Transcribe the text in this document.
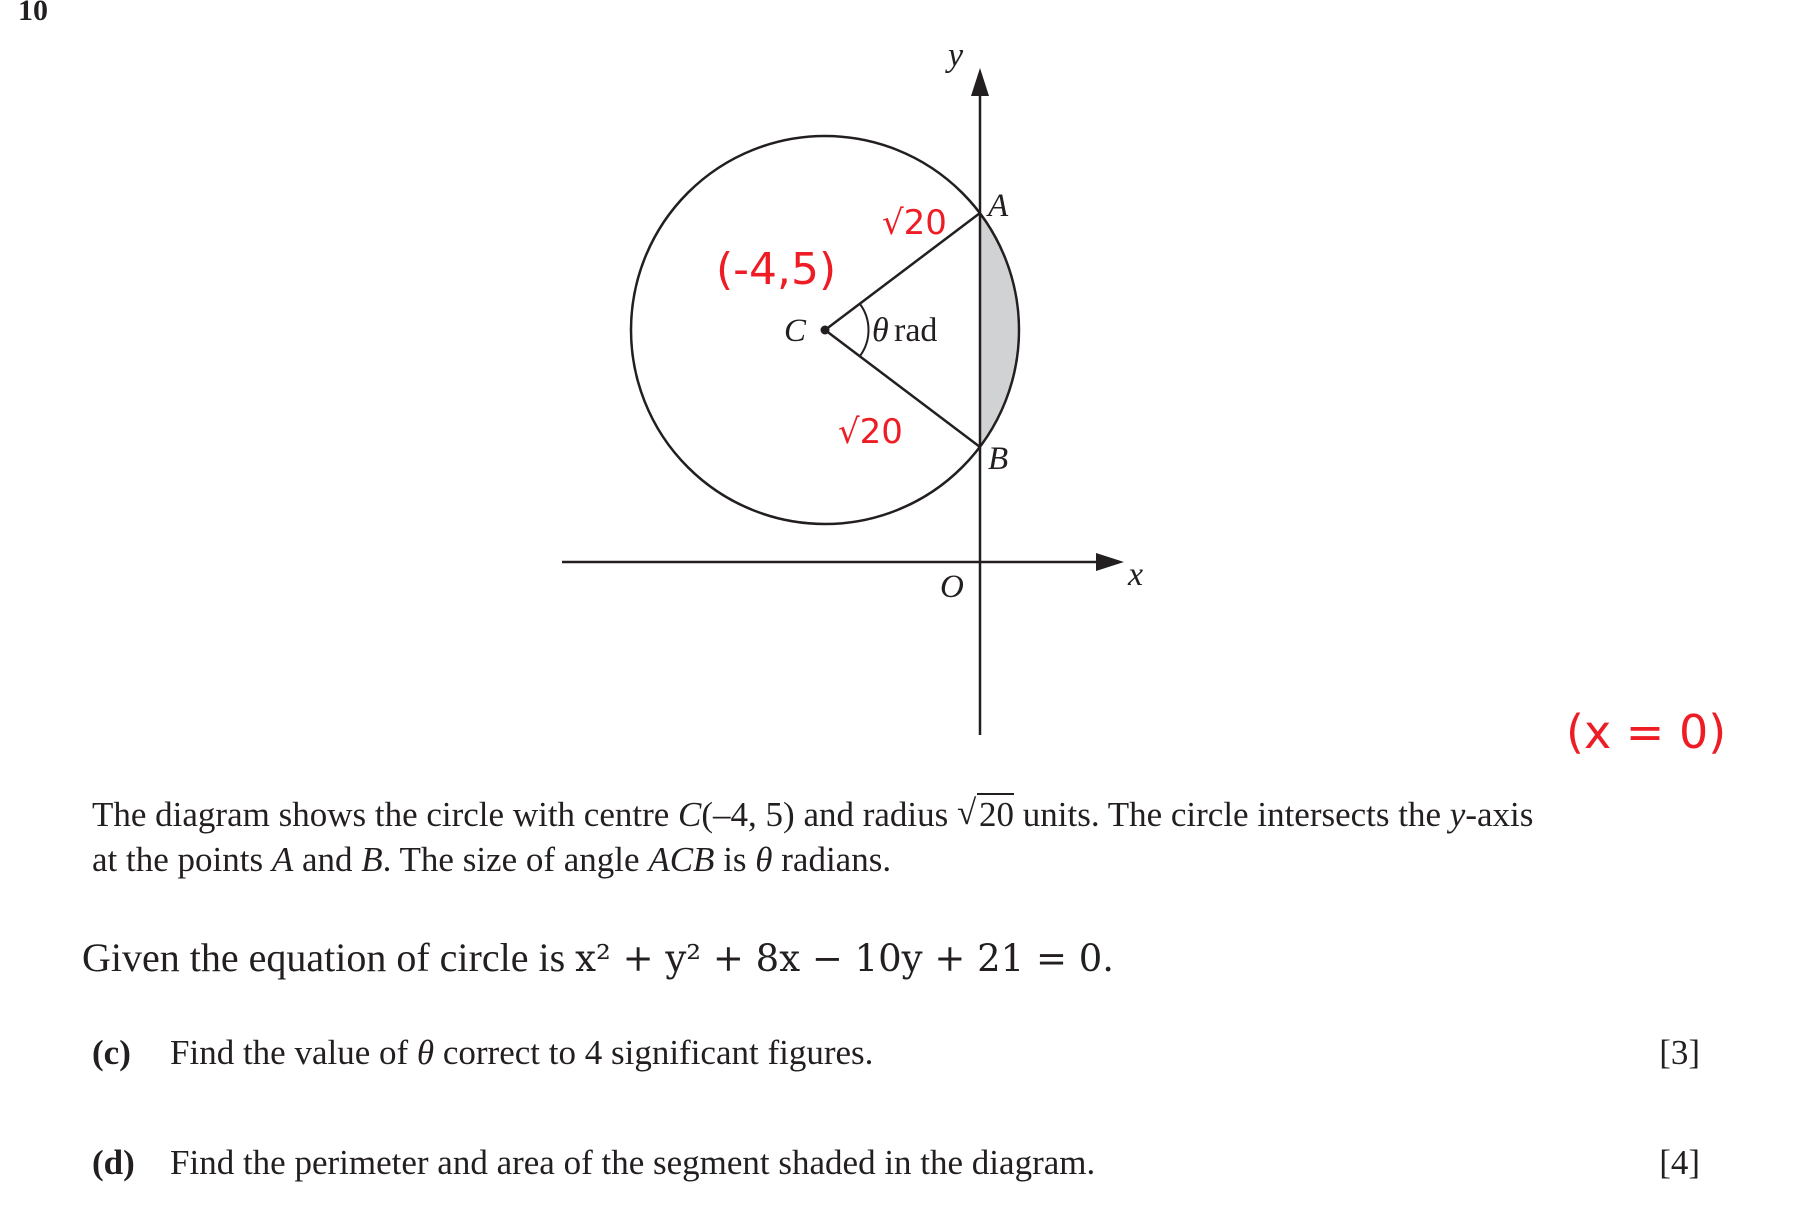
10
y
x
O
A
B
C θ rad
(-4,5)
√20
√20
(x = 0)
The diagram shows the circle with centre C(–4, 5) and radius √ 20 units. The circle intersects the y-axis
at the points A and B. The size of angle ACB is θ radians.
Given the equation of circle is x² + y² + 8x − 10y + 21 = 0.
(c) Find the value of θ correct to 4 significant figures.	[3]
(d) Find the perimeter and area of the segment shaded in the diagram.	[4]
